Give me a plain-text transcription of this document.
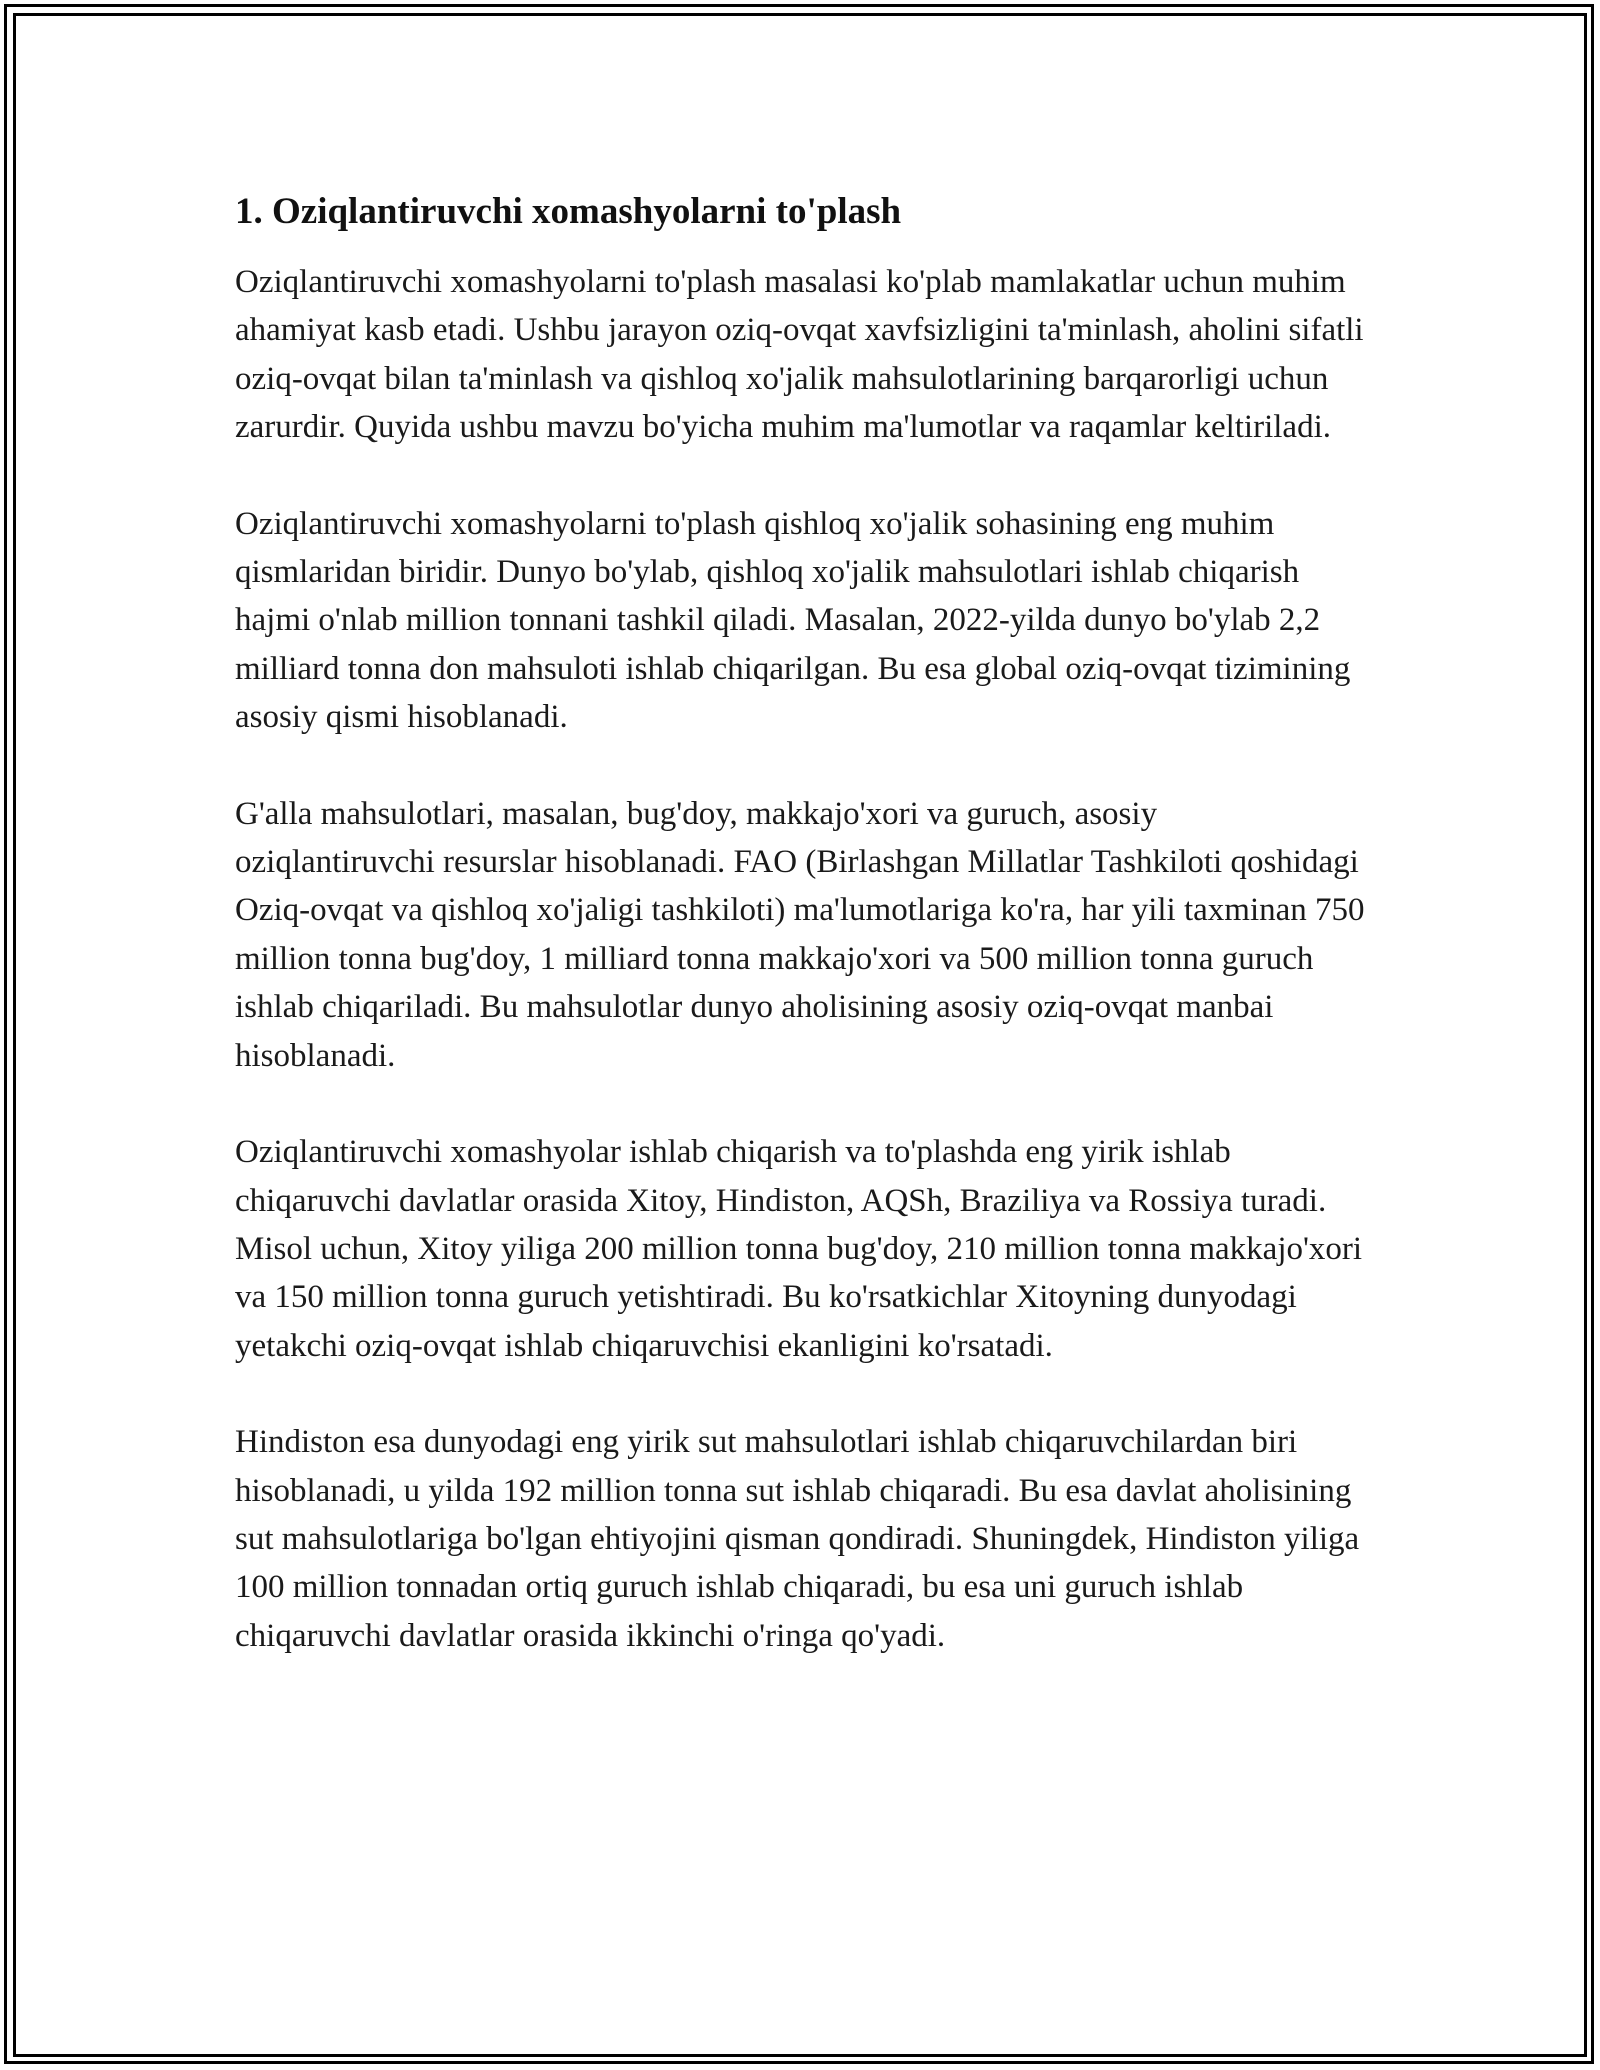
1. Oziqlantiruvchi xomashyolarni to'plash

Oziqlantiruvchi xomashyolarni to'plash masalasi ko'plab mamlakatlar uchun muhim ahamiyat kasb etadi. Ushbu jarayon oziq-ovqat xavfsizligini ta'minlash, aholini sifatli oziq-ovqat bilan ta'minlash va qishloq xo'jalik mahsulotlarining barqarorligi uchun zarurdir. Quyida ushbu mavzu bo'yicha muhim ma'lumotlar va raqamlar keltiriladi.

Oziqlantiruvchi xomashyolarni to'plash qishloq xo'jalik sohasining eng muhim qismlaridan biridir. Dunyo bo'ylab, qishloq xo'jalik mahsulotlari ishlab chiqarish hajmi o'nlab million tonnani tashkil qiladi. Masalan, 2022-yilda dunyo bo'ylab 2,2 milliard tonna don mahsuloti ishlab chiqarilgan. Bu esa global oziq-ovqat tizimining asosiy qismi hisoblanadi.

G'alla mahsulotlari, masalan, bug'doy, makkajo'xori va guruch, asosiy oziqlantiruvchi resurslar hisoblanadi. FAO (Birlashgan Millatlar Tashkiloti qoshidagi Oziq-ovqat va qishloq xo'jaligi tashkiloti) ma'lumotlariga ko'ra, har yili taxminan 750 million tonna bug'doy, 1 milliard tonna makkajo'xori va 500 million tonna guruch ishlab chiqariladi. Bu mahsulotlar dunyo aholisining asosiy oziq-ovqat manbai hisoblanadi.

Oziqlantiruvchi xomashyolar ishlab chiqarish va to'plashda eng yirik ishlab chiqaruvchi davlatlar orasida Xitoy, Hindiston, AQSh, Braziliya va Rossiya turadi. Misol uchun, Xitoy yiliga 200 million tonna bug'doy, 210 million tonna makkajo'xori va 150 million tonna guruch yetishtiradi. Bu ko'rsatkichlar Xitoyning dunyodagi yetakchi oziq-ovqat ishlab chiqaruvchisi ekanligini ko'rsatadi.

Hindiston esa dunyodagi eng yirik sut mahsulotlari ishlab chiqaruvchilardan biri hisoblanadi, u yilda 192 million tonna sut ishlab chiqaradi. Bu esa davlat aholisining sut mahsulotlariga bo'lgan ehtiyojini qisman qondiradi. Shuningdek, Hindiston yiliga 100 million tonnadan ortiq guruch ishlab chiqaradi, bu esa uni guruch ishlab chiqaruvchi davlatlar orasida ikkinchi o'ringa qo'yadi.
